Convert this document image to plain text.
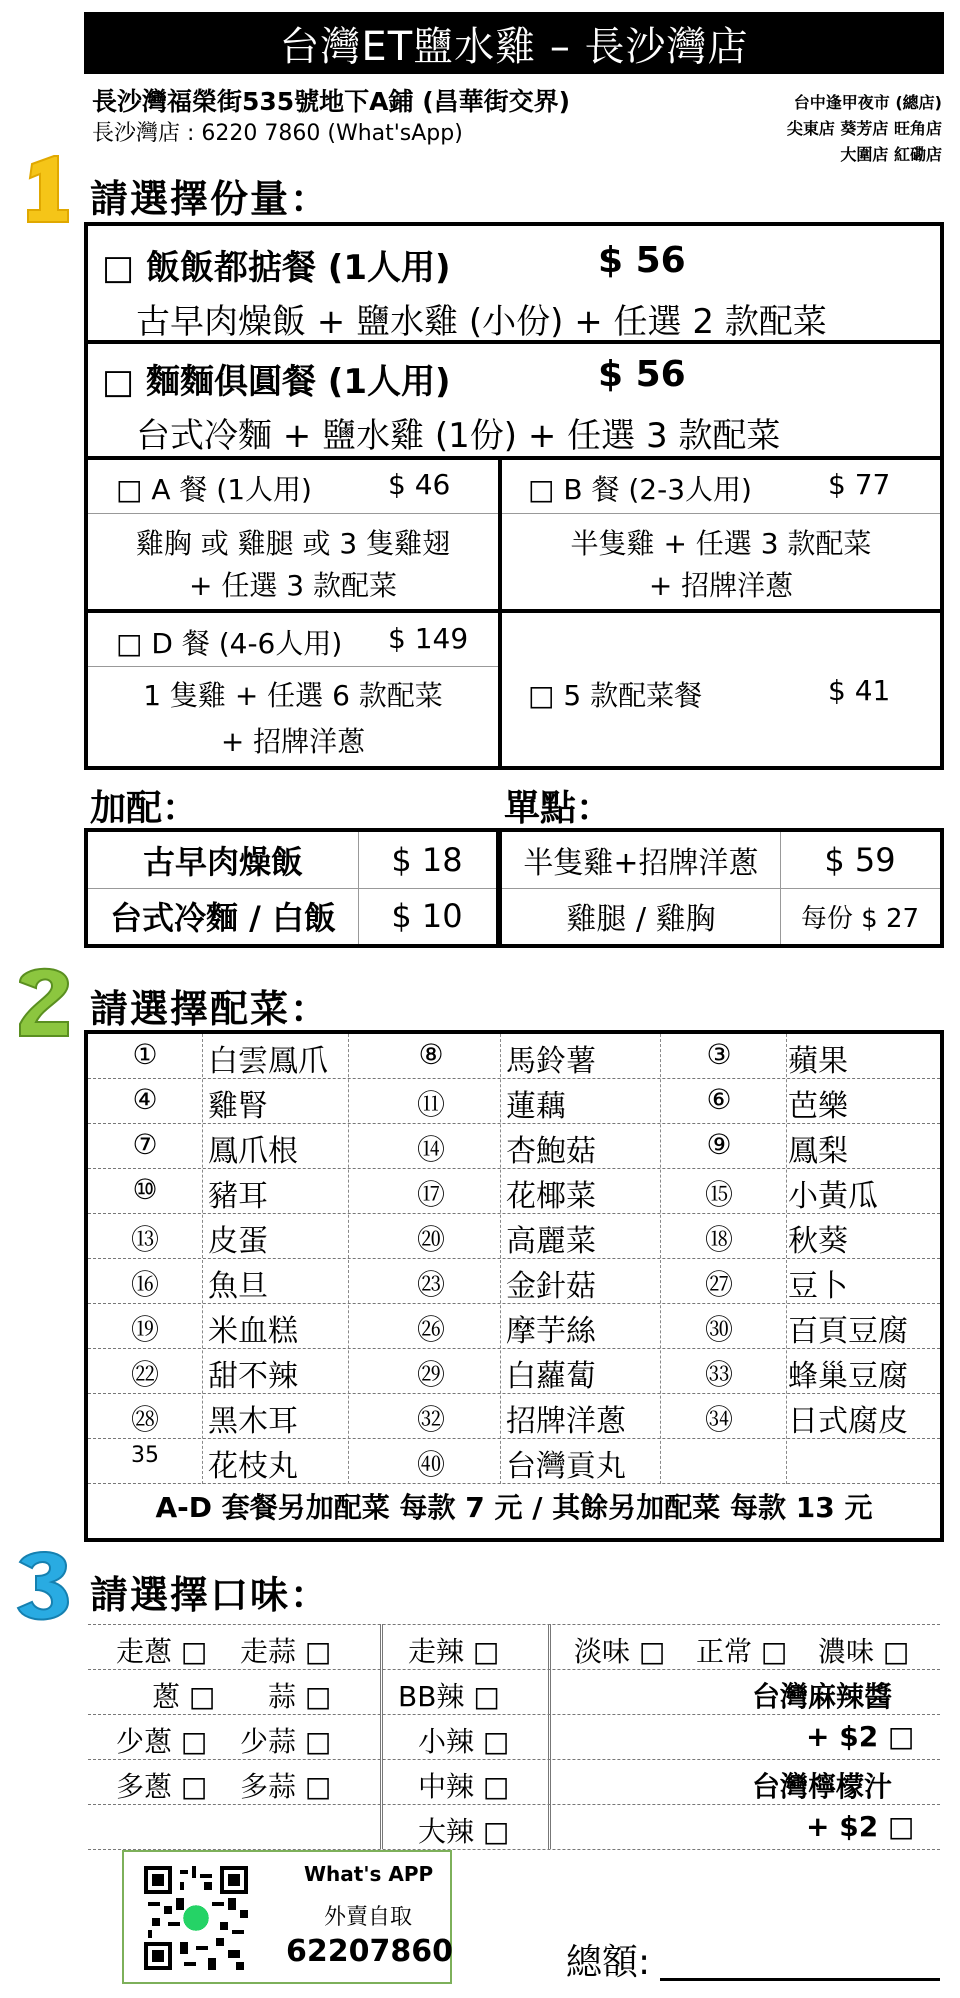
台灣ET鹽水雞 – 長沙灣店
長沙灣福榮街535號地下A鋪 (昌華街交界)
長沙灣店 : 6220 7860 (What'sApp)
台中逢甲夜市 (總店)
尖東店 葵芳店 旺角店
大圍店 紅磡店
請選擇份量：
□ 飯飯都掂餐 (1人用)	$ 56
古早肉燥飯 + 鹽水雞 (小份) + 任選 2 款配菜
□ 麵麵俱圓餐 (1人用)	$ 56
台式冷麵 + 鹽水雞 (1份) + 任選 3 款配菜
□ A 餐 (1人用)	$ 46
雞胸 或 雞腿 或 3 隻雞翅
+ 任選 3 款配菜
□ B 餐 (2-3人用)	$ 77
半隻雞 + 任選 3 款配菜
+ 招牌洋蔥
□ D 餐 (4-6人用) $ 149
1 隻雞 + 任選 6 款配菜
+ 招牌洋蔥
□ 5 款配菜餐	$ 41
加配：	單點：
古早肉燥飯	$ 18
台式冷麵 / 白飯	$ 10
半隻雞+招牌洋蔥	$ 59
雞腿 / 雞胸	每份 $ 27
請選擇配菜：
①	白雲鳳爪	⑧	馬鈴薯	③	蘋果
④	雞腎	⑪	蓮藕	⑥	芭樂
⑦	鳳爪根	⑭	杏鮑菇	⑨	鳳梨
⑩	豬耳	⑰	花椰菜	⑮	小黃瓜
⑬	皮蛋	⑳	高麗菜	⑱	秋葵
⑯	魚旦	㉓	金針菇	㉗	豆卜
⑲	米血糕	㉖	摩芋絲	㉚	百頁豆腐
㉒	甜不辣	㉙	白蘿蔔	㉝	蜂巢豆腐
㉘	黑木耳	㉜	招牌洋蔥	㉞	日式腐皮
35	花枝丸	㊵	台灣貢丸
A-D 套餐另加配菜 每款 7 元 / 其餘另加配菜 每款 13 元
請選擇口味：
走蔥 □ 走蒜 □
蔥 □ 蒜 □
少蔥 □ 少蒜 □
多蔥 □ 多蒜 □
走辣 □
BB辣 □
小辣 □
中辣 □
大辣 □
淡味 □ 正常 □ 濃味 □
台灣麻辣醬
+ $2 □
台灣檸檬汁
+ $2 □
What's APP
外賣自取
62207860	總額:
